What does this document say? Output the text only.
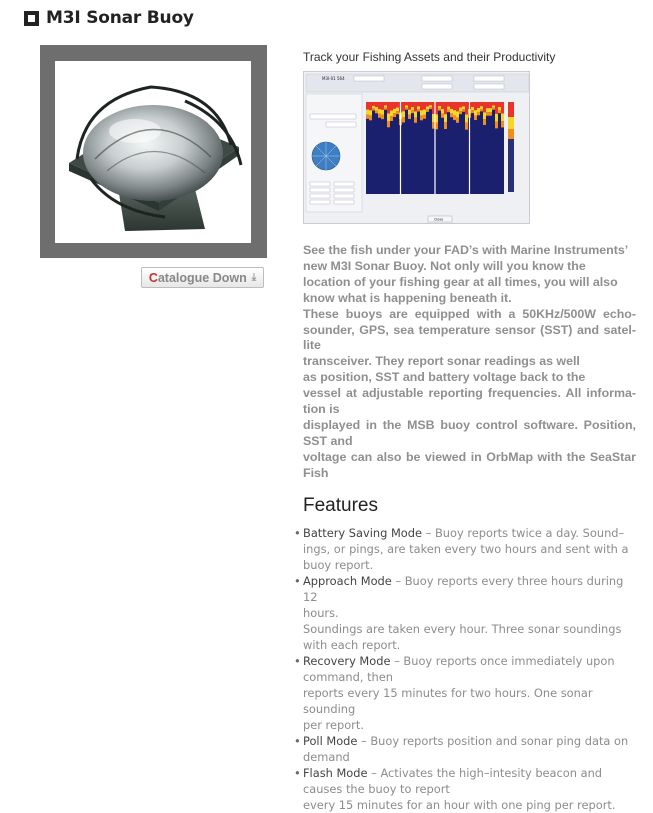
M3I Sonar Buoy
C atalogue Down ⤓
Track your Fishing Assets and their Productivity
M3I-01 564
Close

See the fish under your FAD’s with Marine Instruments’

new M3I Sonar Buoy. Not only will you know the

location of your fishing gear at all times, you will also

know what is happening beneath it.

These buoys are equipped with a 50KHz/500W echo-

sounder, GPS, sea temperature sensor (SST) and satel-

lite

transceiver. They report sonar readings as well

as position, SST and battery voltage back to the

vessel at adjustable reporting frequencies. All informa-

tion is

displayed in the MSB buoy control software. Position,

SST and

voltage can also be viewed in OrbMap with the SeaStar

Fish

Features
• Battery Saving Mode – Buoy reports twice a day. Sound–

ings, or pings, are taken every two hours and sent with a

buoy report.

• Approach Mode – Buoy reports every three hours during 12

hours.

Soundings are taken every hour. Three sonar soundings

with each report.

• Recovery Mode – Buoy reports once immediately upon

command, then

reports every 15 minutes for two hours. One sonar sounding

per report.

• Poll Mode – Buoy reports position and sonar ping data on

demand

• Flash Mode – Activates the high–intesity beacon and

causes the buoy to report

every 15 minutes for an hour with one ping per report.
